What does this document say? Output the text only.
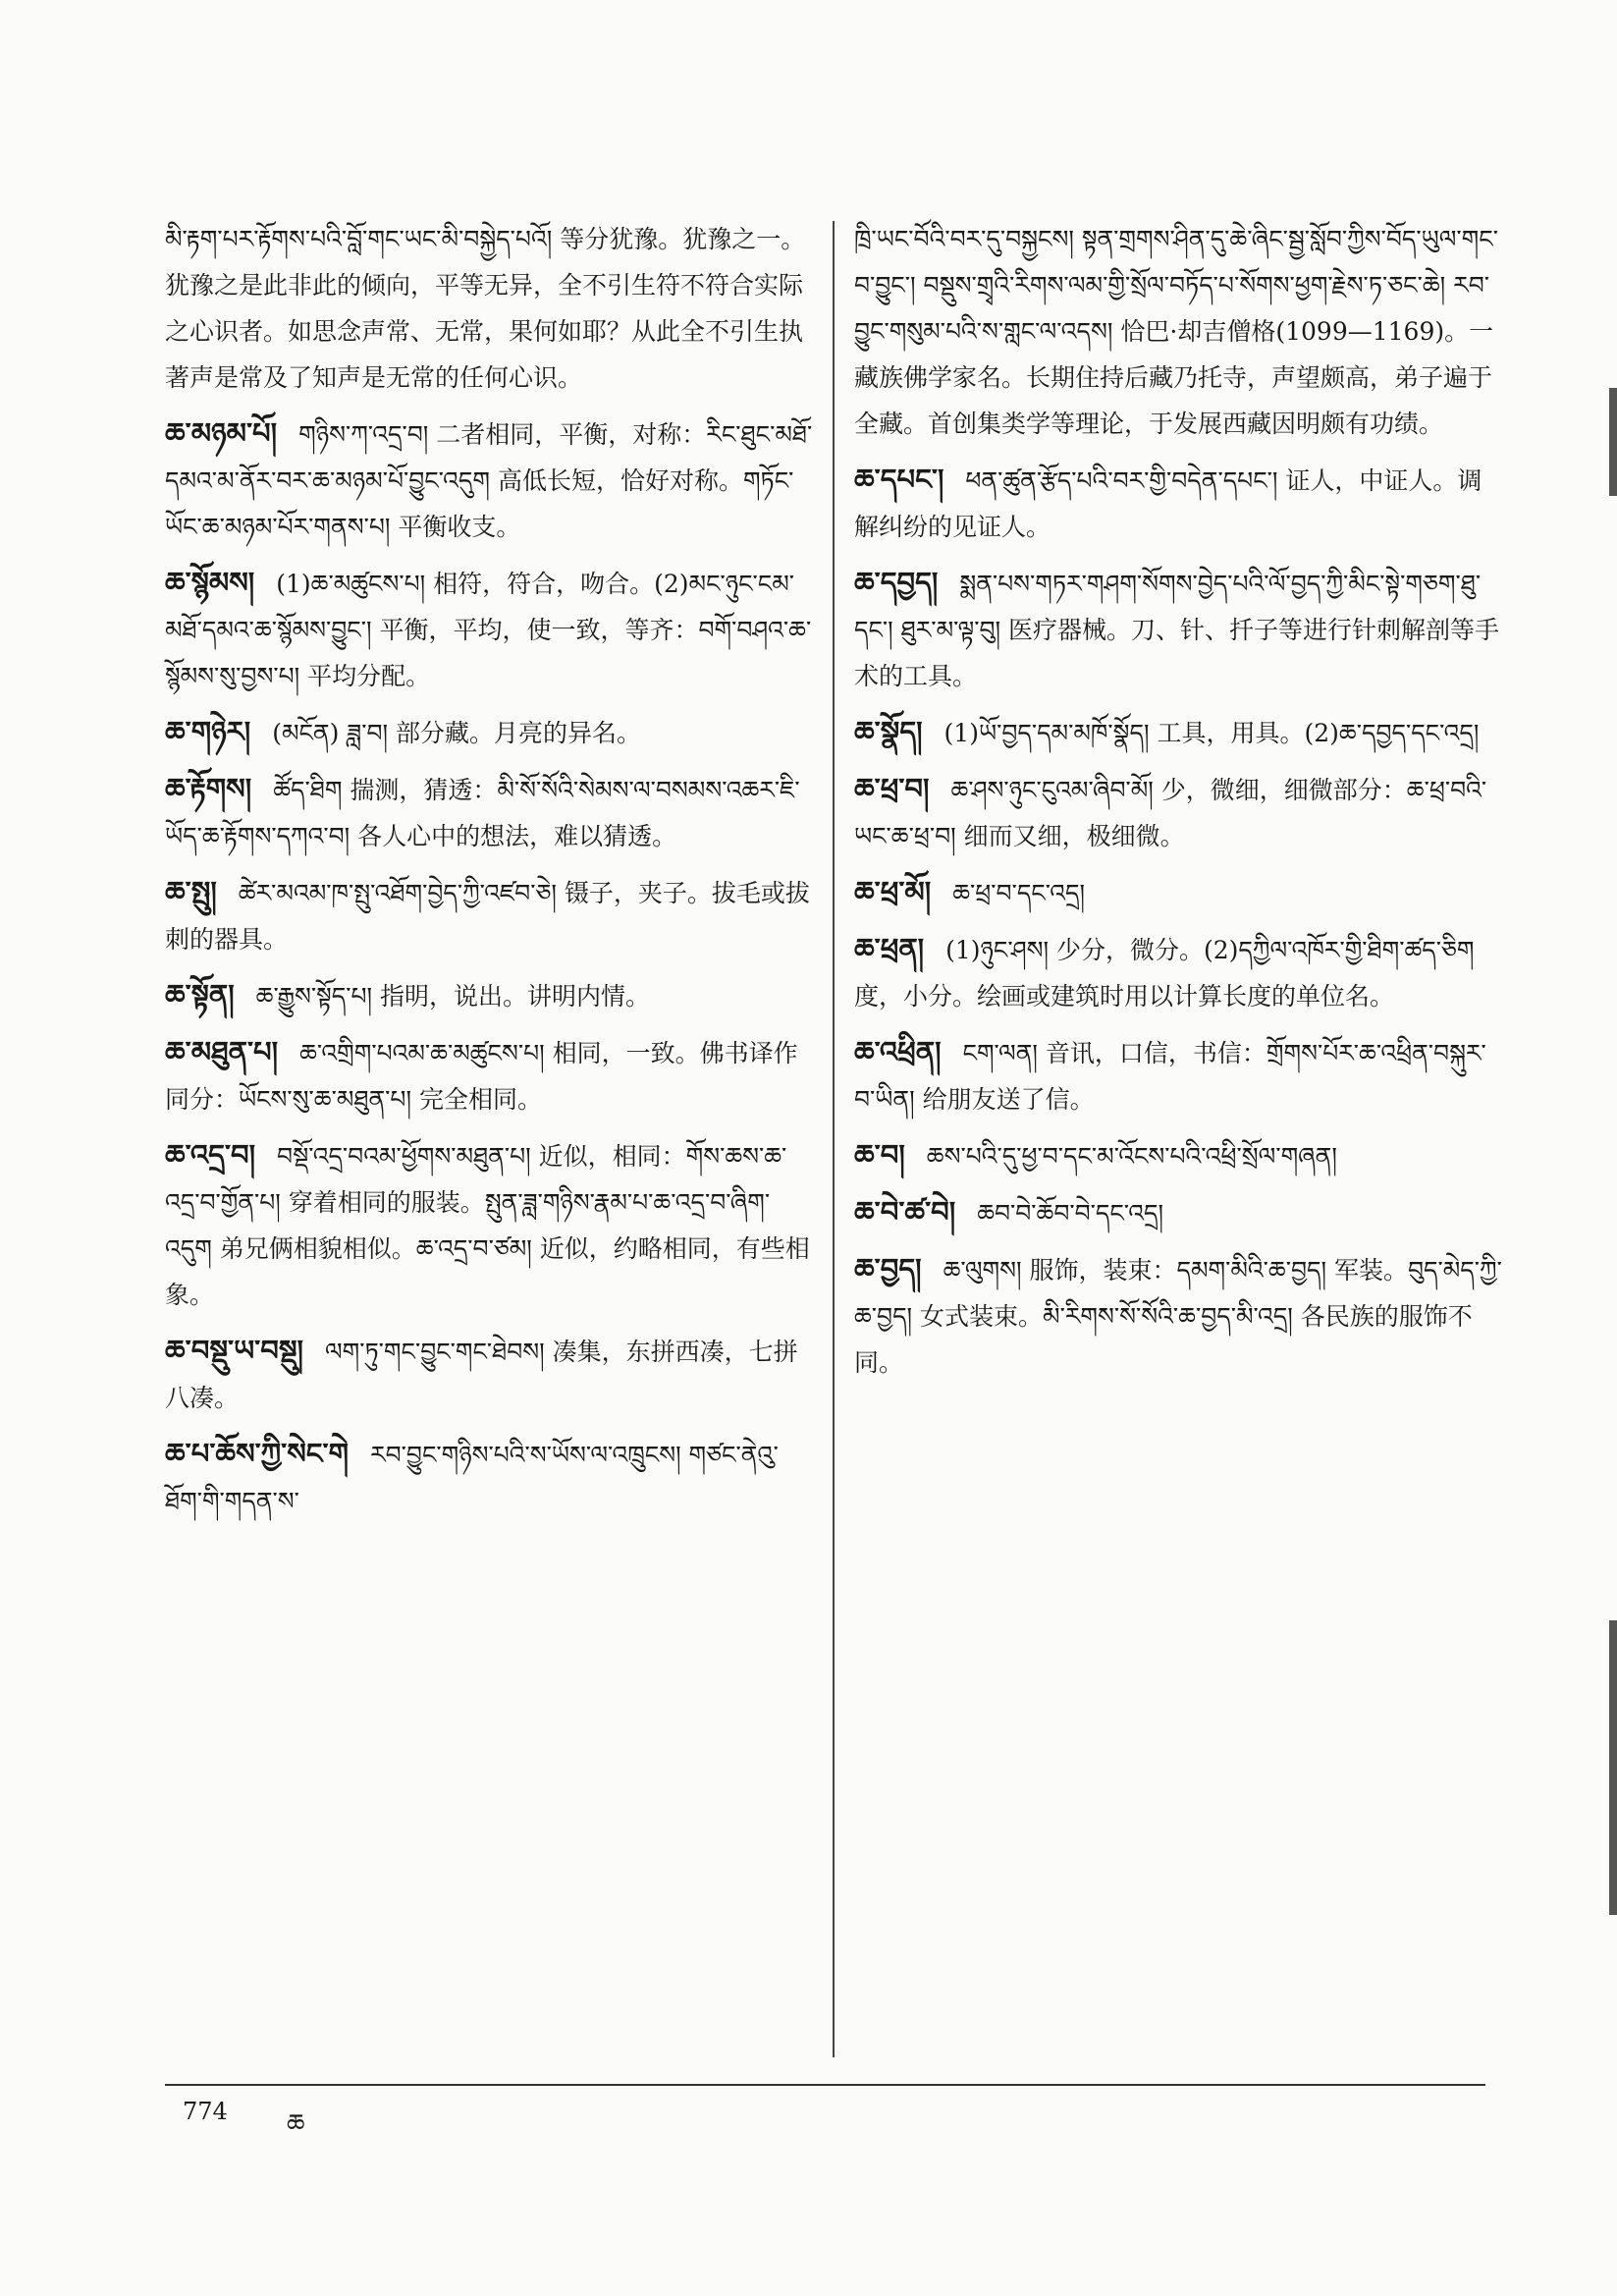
མི་རྟག་པར་རྟོགས་པའི་བློ་གང་ཡང་མི་བསྐྱེད་པའོ། 等分犹豫。犹豫之一。犹豫之是此非此的倾向，平等无异，全不引生符不符合实际之心识者。如思念声常、无常，果何如耶？从此全不引生执著声是常及了知声是无常的任何心识。
ཆ་མཉམ་པོ། གཉིས་ཀ་འདྲ་བ། 二者相同，平衡，对称：རིང་ཐུང་མཐོ་དམའ་མ་ནོར་བར་ཆ་མཉམ་པོ་བྱུང་འདུག 高低长短，恰好对称。གཏོང་ཡོང་ཆ་མཉམ་པོར་གནས་པ། 平衡收支。
ཆ་སྙོམས། (1)ཆ་མཚུངས་པ། 相符，符合，吻合。(2)མང་ཉུང་ངམ་མཐོ་དམའ་ཆ་སྙོམས་བྱུང་། 平衡，平均，使一致，等齐：བགོ་བཤའ་ཆ་སྙོམས་སུ་བྱས་པ། 平均分配。
ཆ་གཉེར། (མངོན) ཟླ་བ། 部分藏。月亮的异名。
ཆ་རྟོགས། ཚོད་ཐིག 揣测，猜透：མི་སོ་སོའི་སེམས་ལ་བསམས་འཆར་ཇི་ཡོད་ཆ་རྟོགས་དཀའ་བ། 各人心中的想法，难以猜透。
ཆ་སྤུ། ཚེར་མའམ་ཁ་སྤུ་འཐོག་བྱེད་ཀྱི་འཛབ་ཅེ། 镊子，夹子。拔毛或拔刺的器具。
ཆ་སྟོན། ཆ་རྒྱུས་སྟོད་པ། 指明，说出。讲明内情。
ཆ་མཐུན་པ། ཆ་འགྲིག་པའམ་ཆ་མཚུངས་པ། 相同，一致。佛书译作同分：ཡོངས་སུ་ཆ་མཐུན་པ། 完全相同。
ཆ་འདྲ་བ། བསྡོ་འདྲ་བའམ་ཕྱོགས་མཐུན་པ། 近似，相同：གོས་ཆས་ཆ་འདྲ་བ་གྱོན་པ། 穿着相同的服装。སྤུན་ཟླ་གཉིས་རྣམ་པ་ཆ་འདྲ་བ་ཞིག་འདུག 弟兄俩相貌相似。ཆ་འདྲ་བ་ཙམ། 近似，约略相同，有些相象。
ཆ་བསྡུ་ཡ་བསྡུ། ལག་ཏུ་གང་བྱུང་གང་ཐེབས། 凑集，东拼西凑，七拼八凑。
ཆ་པ་ཆོས་ཀྱི་སེང་གེ རབ་བྱུང་གཉིས་པའི་ས་ཡོས་ལ་འཁྲུངས། གཙང་ནེའུ་ཐོག་གི་གདན་ས་
ཁྲི་ཡང་བོའི་བར་དུ་བསྐྱངས། སྟན་གྲགས་ཤིན་དུ་ཆེ་ཞིང་སྦྱ་སློབ་ཀྱིས་བོད་ཡུལ་གང་བ་བྱུང་། བསྡུས་གྲྭའི་རིགས་ལམ་གྱི་སྲོལ་བཏོད་པ་སོགས་ཕྱག་རྗེས་ཏ་ཅང་ཆེ། རབ་བྱུང་གསུམ་པའི་ས་གླང་ལ་འདས། 恰巴·却吉僧格(1099—1169)。一藏族佛学家名。长期住持后藏乃托寺，声望颇高，弟子遍于全藏。首创集类学等理论，于发展西藏因明颇有功绩。
ཆ་དཔང་། ཕན་ཚུན་རྩོད་པའི་བར་གྱི་བདེན་དཔང་། 证人，中证人。调解纠纷的见证人。
ཆ་དབྱད། སྨན་པས་གཏར་གཤག་སོགས་བྱེད་པའི་ལོ་བྱད་ཀྱི་མིང་སྟེ་གཅག་ཐུ་དང་། ཐུར་མ་ལྟ་བུ། 医疗器械。刀、针、扦子等进行针刺解剖等手术的工具。
ཆ་སྣོད། (1)ཡོ་བྱད་དམ་མཁོ་སྣོད། 工具，用具。(2)ཆ་དབྱད་དང་འདྲ།
ཆ་ཕྲ་བ། ཆ་ཤས་ཉུང་ངུའམ་ཞིབ་མོ། 少，微细，细微部分：ཆ་ཕྲ་བའི་ཡང་ཆ་ཕྲ་བ། 细而又细，极细微。
ཆ་ཕྲ་མོ། ཆ་ཕྲ་བ་དང་འདྲ།
ཆ་ཕྲན། (1)ཉུང་ཤས། 少分，微分。(2)དཀྱིལ་འཁོར་གྱི་ཐིག་ཚད་ཅིག 度，小分。绘画或建筑时用以计算长度的单位名。
ཆ་འཕྲིན། ངག་ལན། 音讯，口信，书信：གྲོགས་པོར་ཆ་འཕྲིན་བསྐུར་བ་ཡིན། 给朋友送了信。
ཆ་བ། ཆས་པའི་དུ་ཕྱ་བ་དང་མ་འོངས་པའི་འཕྲི་སྲོལ་གཞན།
ཆ་བེ་ཚ་བེ། ཆབ་བེ་ཆོབ་བེ་དང་འདྲ།
ཆ་བྱད། ཆ་ལུགས། 服饰，装束：དམག་མིའི་ཆ་བྱད། 军装。བུད་མེད་ཀྱི་ཆ་བྱད། 女式装束。མི་རིགས་སོ་སོའི་ཆ་བྱད་མི་འདྲ། 各民族的服饰不同。
774 ཆ
